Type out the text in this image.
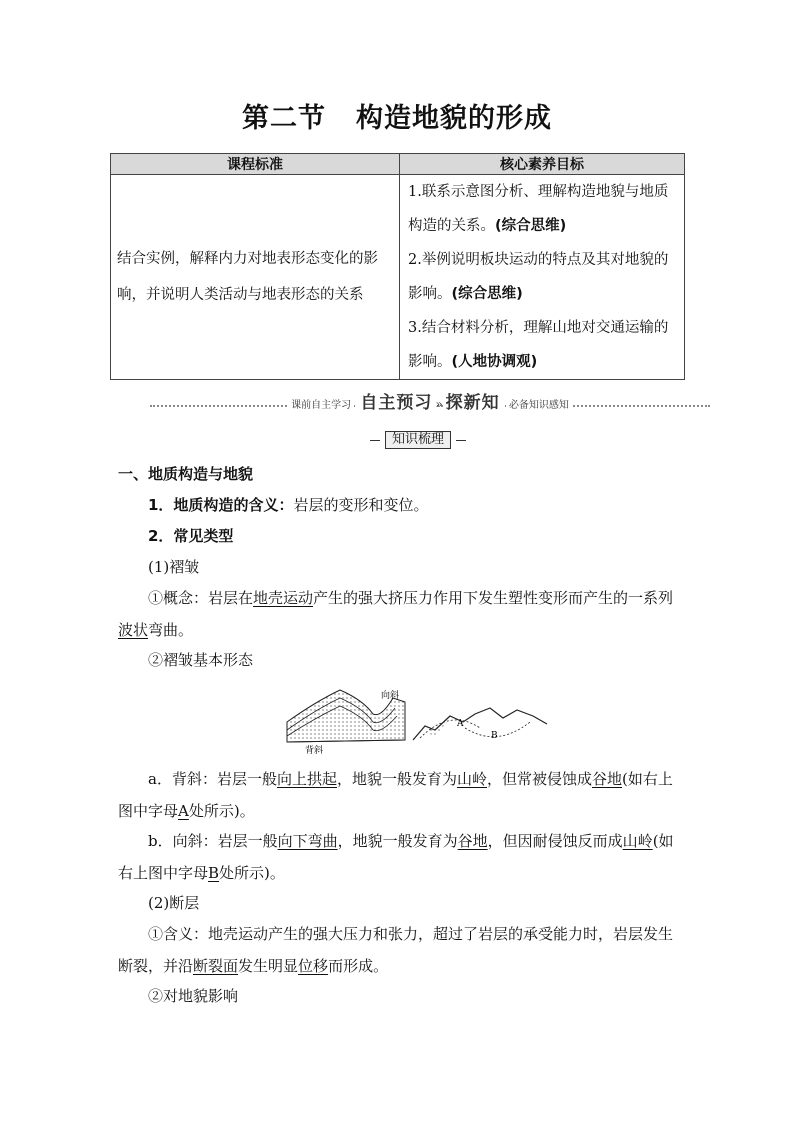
第二节 构造地貌的形成
课程标准	核心素养目标
结合实例，解释内力对地表形态变化的影响，并说明人类活动与地表形态的关系	1.联系示意图分析、理解构造地貌与地质构造的关系。(综合思维)
2.举例说明板块运动的特点及其对地貌的影响。(综合思维)
3.结合材料分析，理解山地对交通运输的影响。(人地协调观)
课前自主学习 自主预习 » 探新知 必备知识感知
知识梳理
一、地质构造与地貌
1．地质构造的含义：岩层的变形和变位。
2．常见类型
(1)褶皱
①概念：岩层在地壳运动产生的强大挤压力作用下发生塑性变形而产生的一系列波状弯曲。
②褶皱基本形态
向斜
背斜
A
B
a．背斜：岩层一般向上拱起，地貌一般发育为山岭，但常被侵蚀成谷地(如右上图中字母A处所示)。
b．向斜：岩层一般向下弯曲，地貌一般发育为谷地，但因耐侵蚀反而成山岭(如右上图中字母B处所示)。
(2)断层
①含义：地壳运动产生的强大压力和张力，超过了岩层的承受能力时，岩层发生断裂，并沿断裂面发生明显位移而形成。
②对地貌影响
